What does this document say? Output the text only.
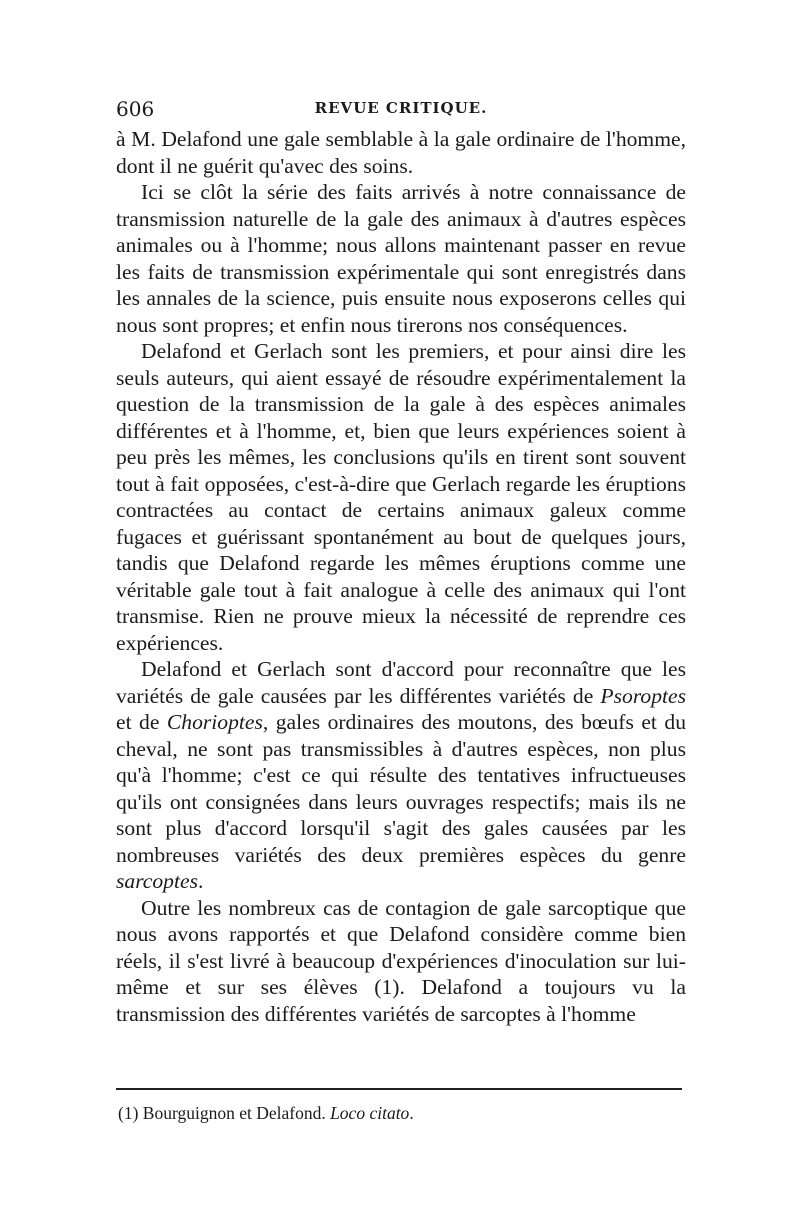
606	REVUE CRITIQUE.

à M. Delafond une gale semblable à la gale ordinaire de l'homme, dont il ne guérit qu'avec des soins.

Ici se clôt la série des faits arrivés à notre connaissance de transmission naturelle de la gale des animaux à d'autres espèces animales ou à l'homme; nous allons maintenant passer en revue les faits de transmission expérimentale qui sont enregistrés dans les annales de la science, puis ensuite nous exposerons celles qui nous sont propres; et enfin nous tirerons nos conséquences.

Delafond et Gerlach sont les premiers, et pour ainsi dire les seuls auteurs, qui aient essayé de résoudre expérimentalement la question de la transmission de la gale à des espèces animales différentes et à l'homme, et, bien que leurs expériences soient à peu près les mêmes, les conclusions qu'ils en tirent sont souvent tout à fait opposées, c'est-à-dire que Gerlach regarde les éruptions contractées au contact de certains animaux galeux comme fugaces et guérissant spontanément au bout de quelques jours, tandis que Delafond regarde les mêmes éruptions comme une véritable gale tout à fait analogue à celle des animaux qui l'ont transmise. Rien ne prouve mieux la nécessité de reprendre ces expériences.

Delafond et Gerlach sont d'accord pour reconnaître que les variétés de gale causées par les différentes variétés de Psoroptes et de Chorioptes, gales ordinaires des moutons, des bœufs et du cheval, ne sont pas transmissibles à d'autres espèces, non plus qu'à l'homme; c'est ce qui résulte des tentatives infructueuses qu'ils ont consignées dans leurs ouvrages respectifs; mais ils ne sont plus d'accord lorsqu'il s'agit des gales causées par les nombreuses variétés des deux premières espèces du genre sarcoptes.

Outre les nombreux cas de contagion de gale sarcoptique que nous avons rapportés et que Delafond considère comme bien réels, il s'est livré à beaucoup d'expériences d'inoculation sur lui-même et sur ses élèves (1). Delafond a toujours vu la transmission des différentes variétés de sarcoptes à l'homme

(1) Bourguignon et Delafond. Loco citato.
